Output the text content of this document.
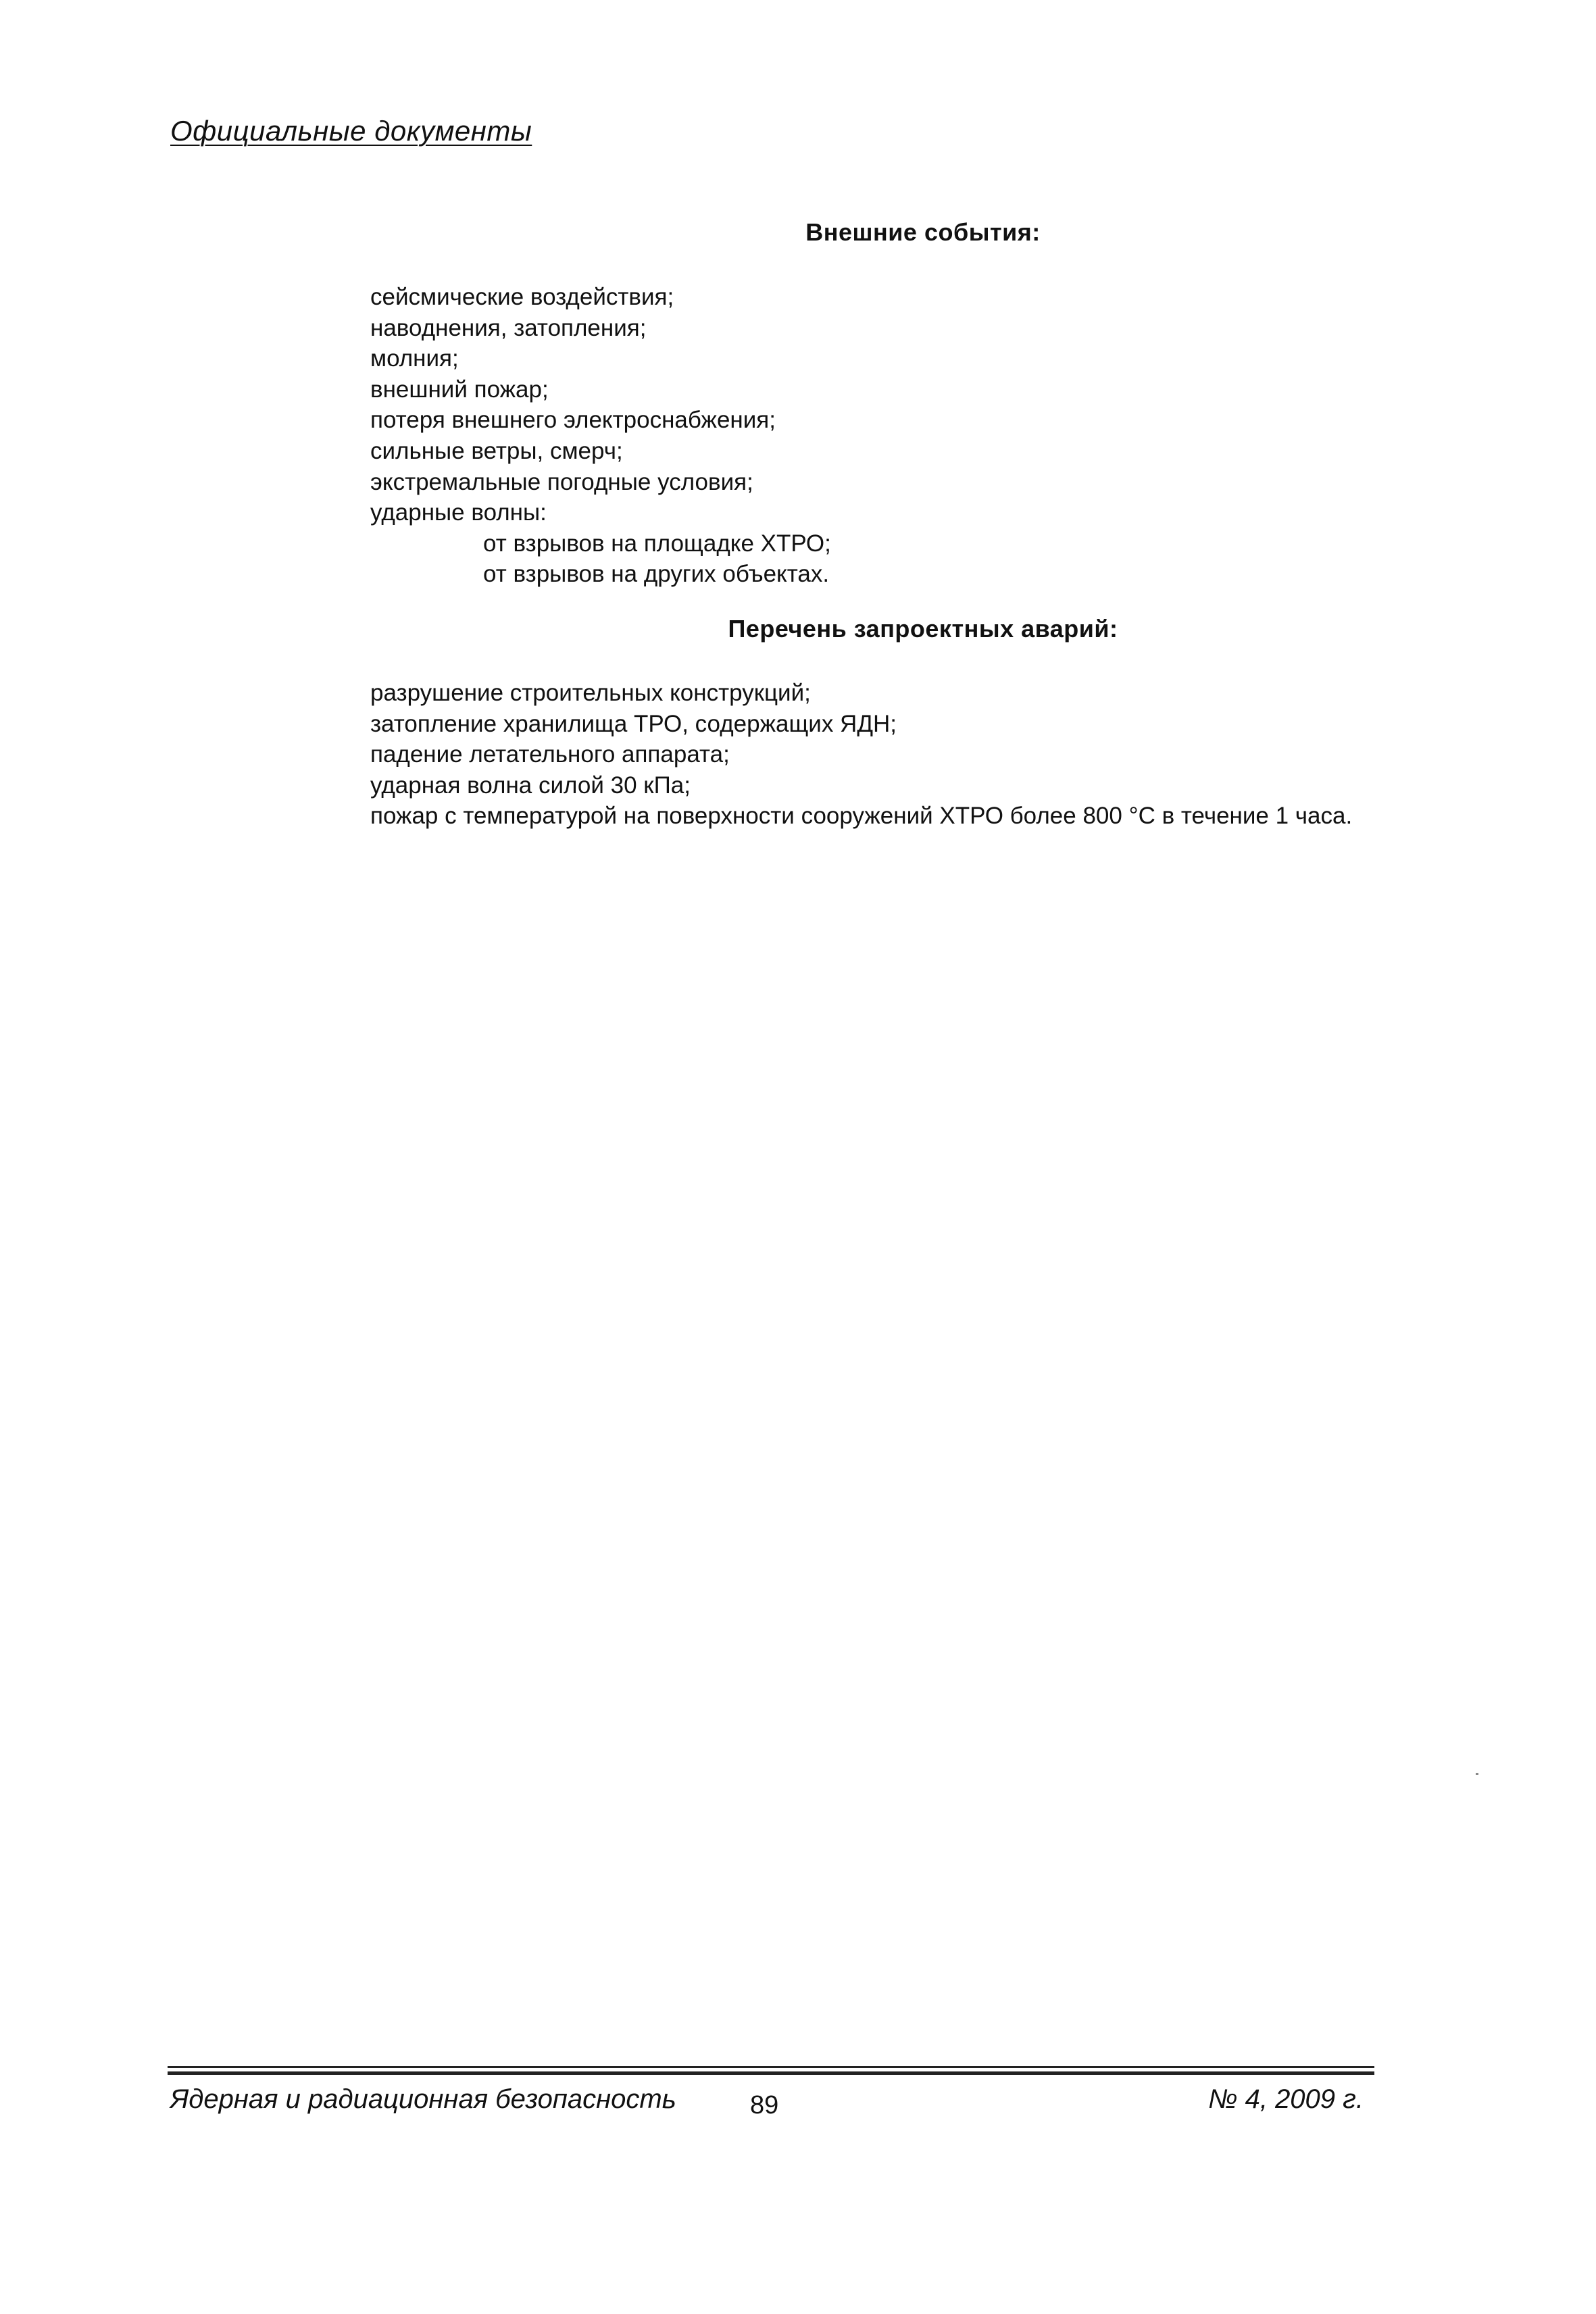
Официальные документы
Внешние события:
сейсмические воздействия;
наводнения, затопления;
молния;
внешний пожар;
потеря внешнего электроснабжения;
сильные ветры, смерч;
экстремальные погодные условия;
ударные волны:
от взрывов на площадке ХТРО;
от взрывов на других объектах.
Перечень запроектных аварий:
разрушение строительных конструкций;
затопление хранилища ТРО, содержащих ЯДН;
падение летательного аппарата;
ударная волна силой 30 кПа;
пожар с температурой на поверхности сооружений ХТРО более 800 °С в течение 1 часа.
Ядерная и радиационная безопасность	89	№ 4, 2009 г.
